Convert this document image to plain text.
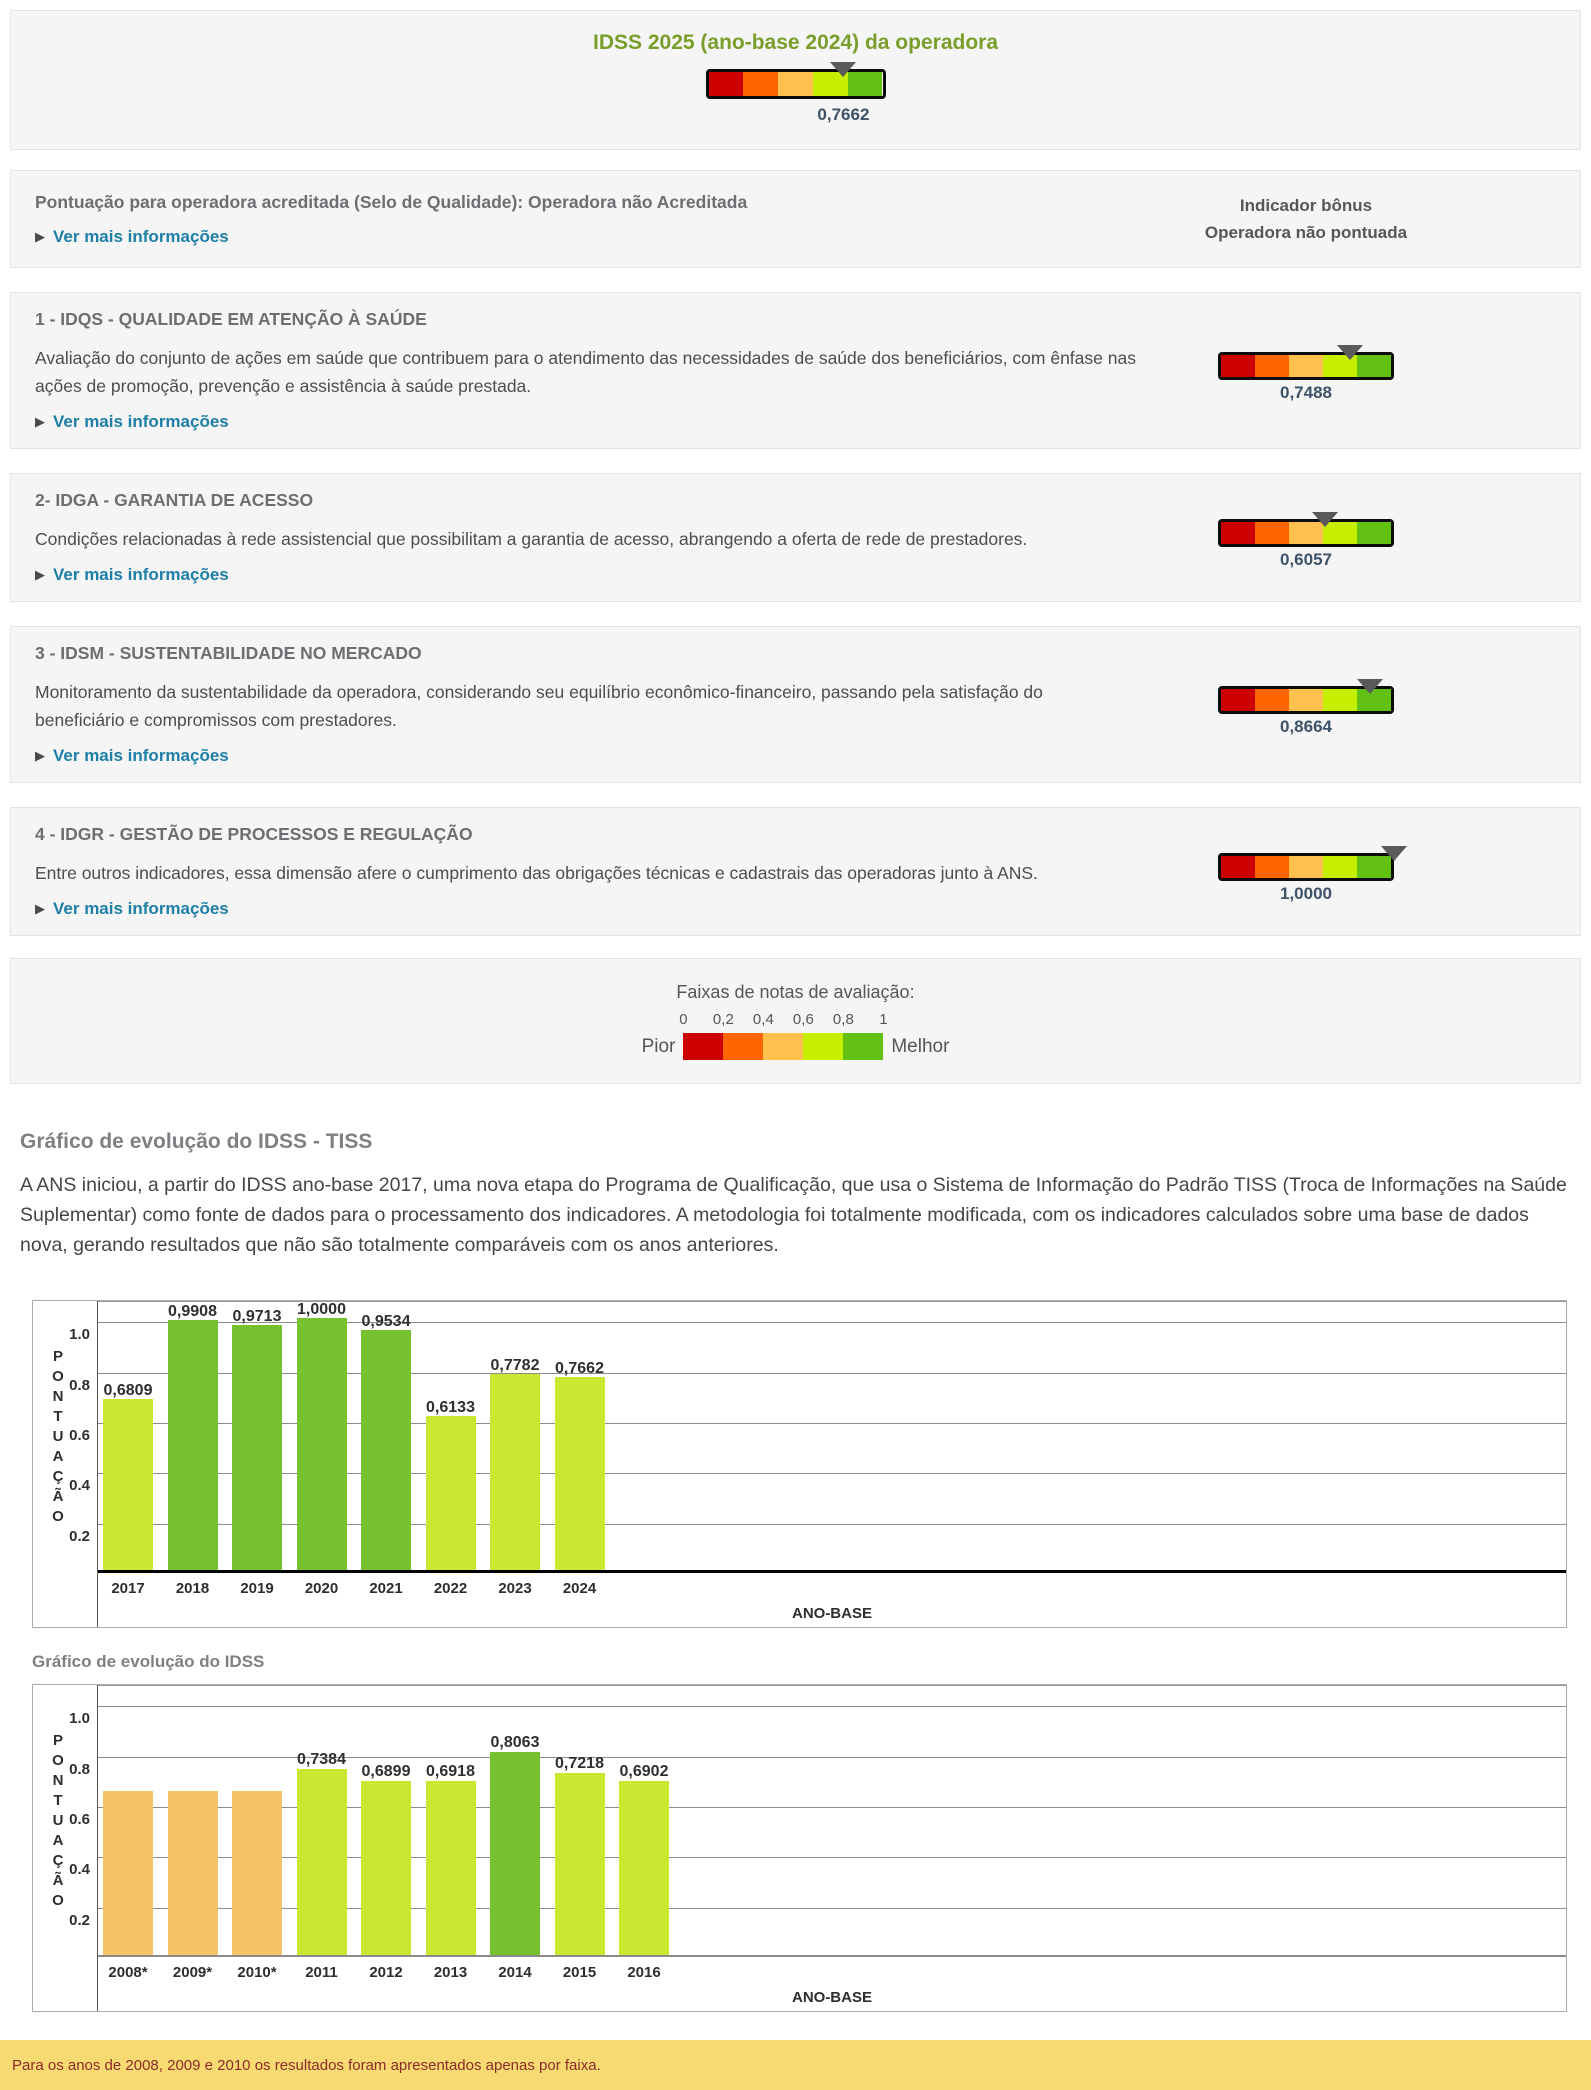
IDSS 2025 (ano-base 2024) da operadora
0,7662
Pontuação para operadora acreditada (Selo de Qualidade): Operadora não Acreditada
▶ Ver mais informações
Indicador bônus
Operadora não pontuada
1 - IDQS - QUALIDADE EM ATENÇÃO À SAÚDE
Avaliação do conjunto de ações em saúde que contribuem para o atendimento das necessidades de saúde dos beneficiários, com ênfase nas ações de promoção, prevenção e assistência à saúde prestada.
▶ Ver mais informações
0,7488
2- IDGA - GARANTIA DE ACESSO
Condições relacionadas à rede assistencial que possibilitam a garantia de acesso, abrangendo a oferta de rede de prestadores.
▶ Ver mais informações
0,6057
3 - IDSM - SUSTENTABILIDADE NO MERCADO
Monitoramento da sustentabilidade da operadora, considerando seu equilíbrio econômico-financeiro, passando pela satisfação do beneficiário e compromissos com prestadores.
▶ Ver mais informações
0,8664
4 - IDGR - GESTÃO DE PROCESSOS E REGULAÇÃO
Entre outros indicadores, essa dimensão afere o cumprimento das obrigações técnicas e cadastrais das operadoras junto à ANS.
▶ Ver mais informações
1,0000
Faixas de notas de avaliação:
Pior
0 0,2 0,4 0,6 0,8 1
Melhor
Gráfico de evolução do IDSS - TISS
A ANS iniciou, a partir do IDSS ano-base 2017, uma nova etapa do Programa de Qualificação, que usa o Sistema de Informação do Padrão TISS (Troca de Informações na Saúde Suplementar) como fonte de dados para o processamento dos indicadores. A metodologia foi totalmente modificada, com os indicadores calculados sobre uma base de dados nova, gerando resultados que não são totalmente comparáveis com os anos anteriores.
P
O
N
T
U
A
Ç
Ã
O
1.0
0.8
0.6
0.4
0.2
0,6809
0,9908 0,9713 1,0000
0,9534
0,6133
0,7782 0,7662
2017	2018	2019	2020	2021	2022	2023	2024
ANO-BASE
Gráfico de evolução do IDSS
P
O
N
T
U
A
Ç
Ã
O
1.0
0.8
0.6
0.4
0.2
0,7384
0,6899 0,6918
0,8063
0,7218 0,6902
2008*	2009*	2010*	2011	2012	2013	2014	2015	2016
ANO-BASE
Para os anos de 2008, 2009 e 2010 os resultados foram apresentados apenas por faixa.
